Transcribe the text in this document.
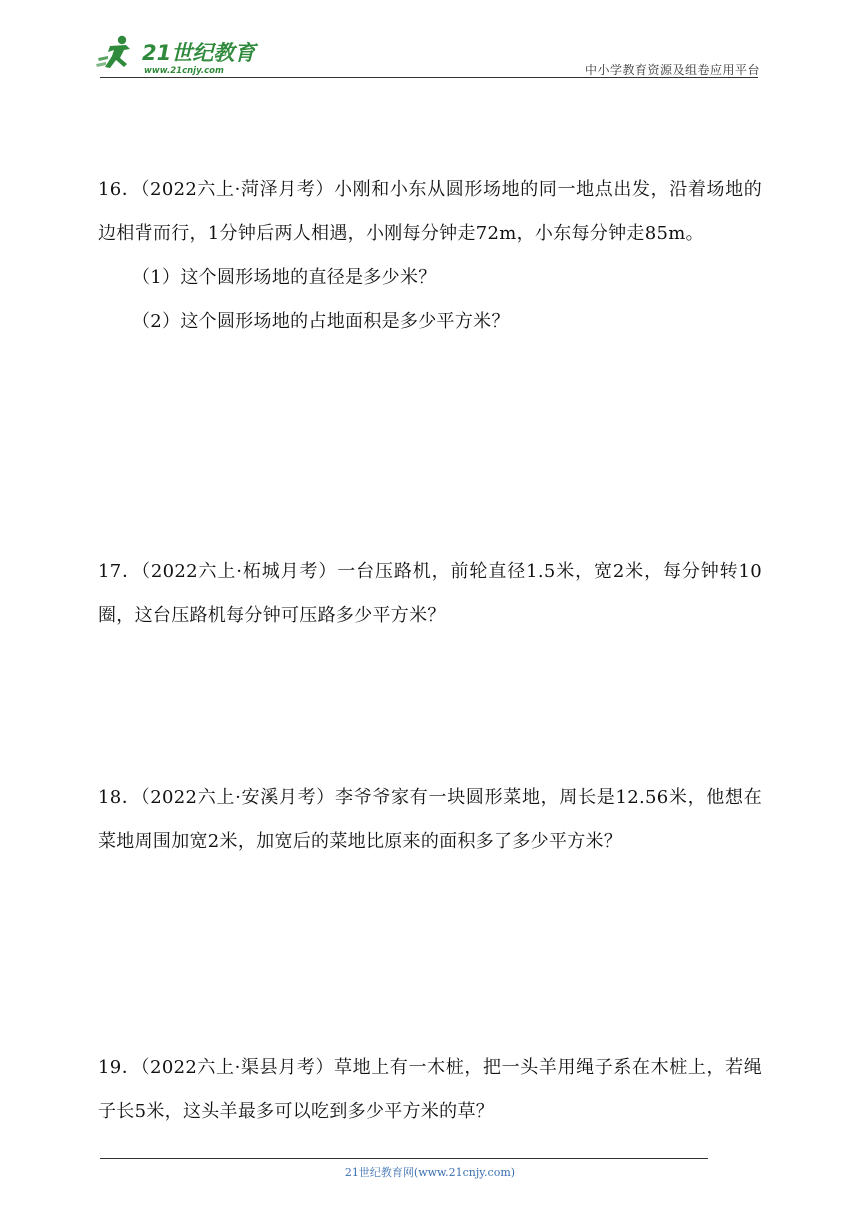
21世纪教育
www.21cnjy.com	中小学教育资源及组卷应用平台

16．（2022六上·菏泽月考）小刚和小东从圆形场地的同一地点出发，沿着场地的边相背而行，1分钟后两人相遇，小刚每分钟走72m，小东每分钟走85m。

（1）这个圆形场地的直径是多少米？

（2）这个圆形场地的占地面积是多少平方米？

17．（2022六上·柘城月考）一台压路机，前轮直径1.5米，宽2米，每分钟转10圈，这台压路机每分钟可压路多少平方米？

18．（2022六上·安溪月考）李爷爷家有一块圆形菜地，周长是12.56米，他想在菜地周围加宽2米，加宽后的菜地比原来的面积多了多少平方米？

19．（2022六上·渠县月考）草地上有一木桩，把一头羊用绳子系在木桩上，若绳子长5米，这头羊最多可以吃到多少平方米的草？

21世纪教育网(www.21cnjy.com)
